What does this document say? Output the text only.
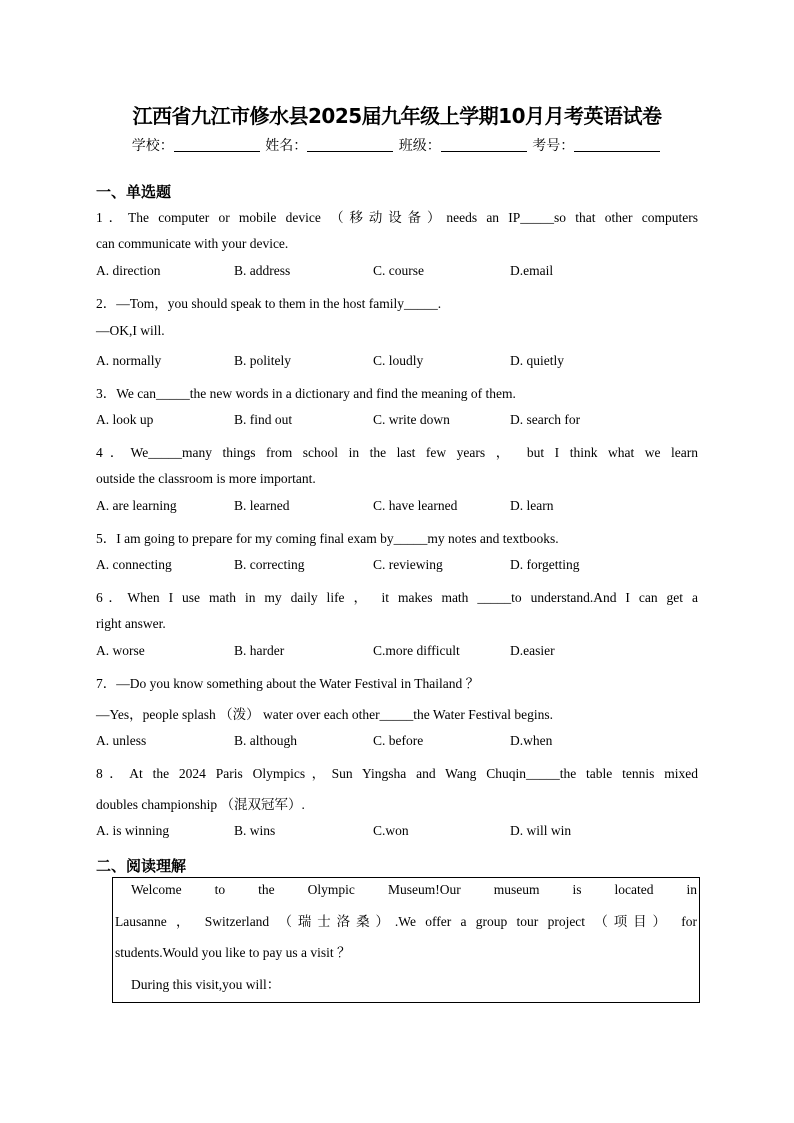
江西省九江市修水县2025届九年级上学期10月月考英语试卷
学校：	姓名：	班级：	考号：
一、单选题
1．The computer or mobile device （移动设备）needs an IP_____so that other computers
can communicate with your device.
A. direction	B. address	C. course	D.email
2．—Tom，you should speak to them in the host family_____.
—OK,I will.
A. normally	B. politely	C. loudly	D. quietly
3．We can_____the new words in a dictionary and find the meaning of them.
A. look up	B. find out	C. write down	D. search for
4．We_____many things from school in the last few years ， but I think what we learn
outside the classroom is more important.
A. are learning	B. learned	C. have learned	D. learn
5．I am going to prepare for my coming final exam by_____my notes and textbooks.
A. connecting	B. correcting	C. reviewing	D. forgetting
6．When I use math in my daily life ， it makes math _____to understand.And I can get a
right answer.
A. worse	B. harder	C.more difficult	D.easier
7．—Do you know something about the Water Festival in Thailand ？
—Yes，people splash （泼） water over each other_____the Water Festival begins.
A. unless	B. although	C. before	D.when
8．At the 2024 Paris Olympics，Sun Yingsha and Wang Chuqin_____the table tennis mixed
doubles championship （混双冠军）.
A. is winning	B. wins	C.won	D. will win
二、阅读理解
Welcome to the Olympic Museum!Our museum is located in
Lausanne ， Switzerland （瑞士洛桑）.We offer a group tour project （项目） for
students.Would you like to pay us a visit ？
During this visit,you will：
